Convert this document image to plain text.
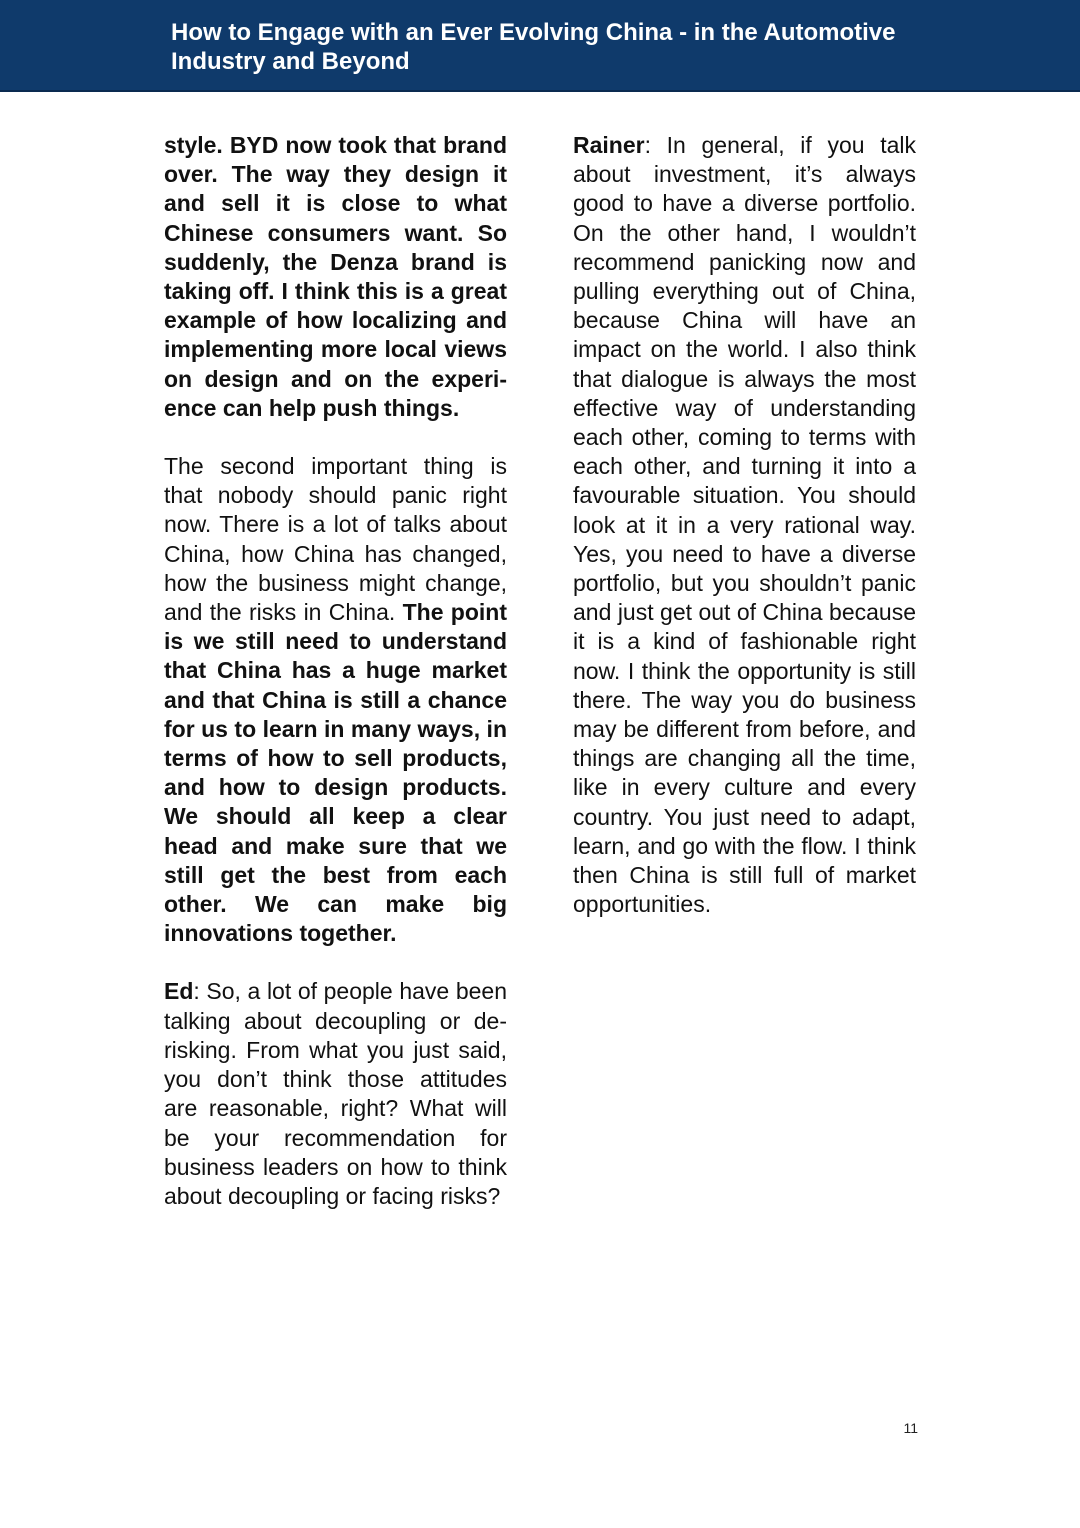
How to Engage with an Ever Evolving China - in the Automotive Industry and Beyond

style. BYD now took that brand over. The way they design it and sell it is close to what Chinese consumers want. So suddenly, the Denza brand is taking off. I think this is a great example of how localizing and implementing more local views on design and on the experience can help push things.

The second important thing is that nobody should panic right now. There is a lot of talks about China, how China has changed, how the business might change, and the risks in China. The point is we still need to understand that China has a huge market and that China is still a chance for us to learn in many ways, in terms of how to sell products, and how to design products. We should all keep a clear head and make sure that we still get the best from each other. We can make big innovations together.

Ed: So, a lot of people have been talking about decoupling or de-risking. From what you just said, you don’t think those attitudes are reasonable, right? What will be your recommendation for business leaders on how to think about decoupling or facing risks?

Rainer: In general, if you talk about investment, it’s always good to have a diverse portfolio. On the other hand, I wouldn’t recommend panicking now and pulling everything out of China, because China will have an impact on the world. I also think that dialogue is always the most effective way of understanding each other, coming to terms with each other, and turning it into a favourable situation. You should look at it in a very rational way. Yes, you need to have a diverse portfolio, but you shouldn’t panic and just get out of China because it is a kind of fashionable right now. I think the opportunity is still there. The way you do business may be different from before, and things are changing all the time, like in every culture and every country. You just need to adapt, learn, and go with the flow. I think then China is still full of market opportunities.

11
